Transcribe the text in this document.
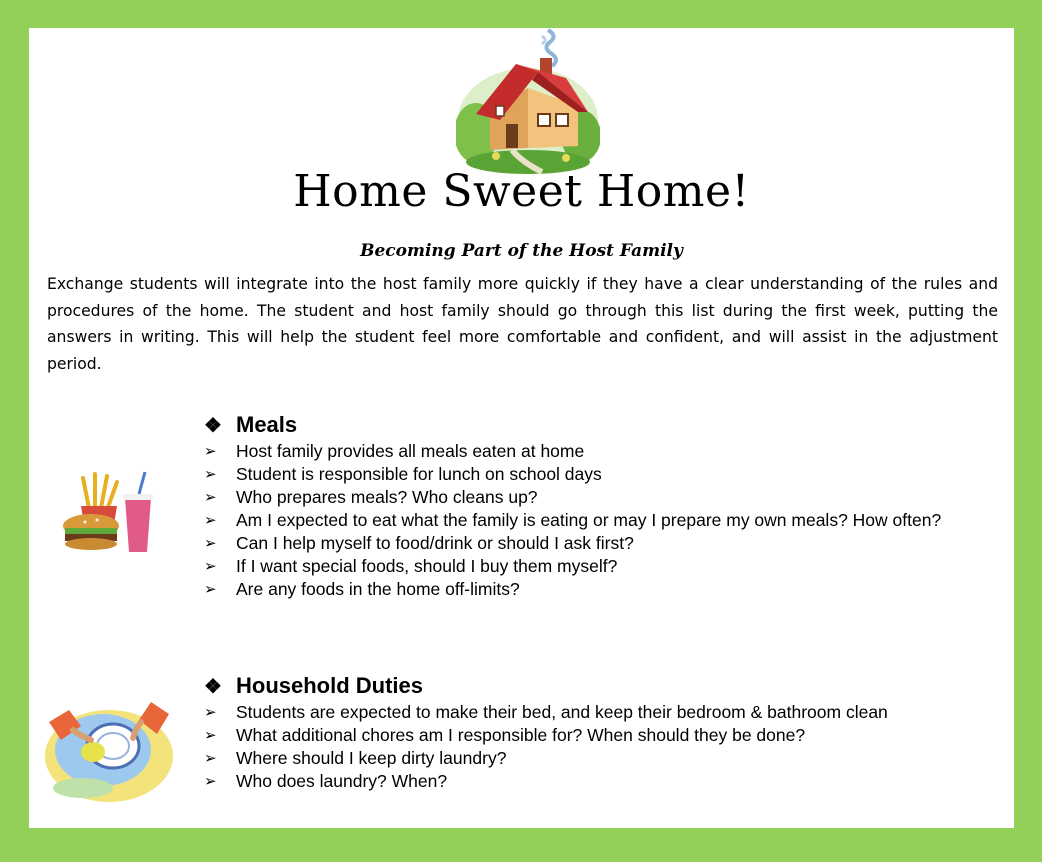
Home Sweet Home!
Becoming Part of the Host Family
Exchange students will integrate into the host family more quickly if they have a clear understanding of the rules and procedures of the home. The student and host family should go through this list during the first week, putting the answers in writing. This will help the student feel more comfortable and confident, and will assist in the adjustment period.
❖ Meals
➢	Host family provides all meals eaten at home
➢	Student is responsible for lunch on school days
➢	Who prepares meals? Who cleans up?
➢	Am I expected to eat what the family is eating or may I prepare my own meals? How often?
➢	Can I help myself to food/drink or should I ask first?
➢	If I want special foods, should I buy them myself?
➢	Are any foods in the home off-limits?
❖ Household Duties
➢	Students are expected to make their bed, and keep their bedroom & bathroom clean
➢	What additional chores am I responsible for? When should they be done?
➢	Where should I keep dirty laundry?
➢	Who does laundry? When?
